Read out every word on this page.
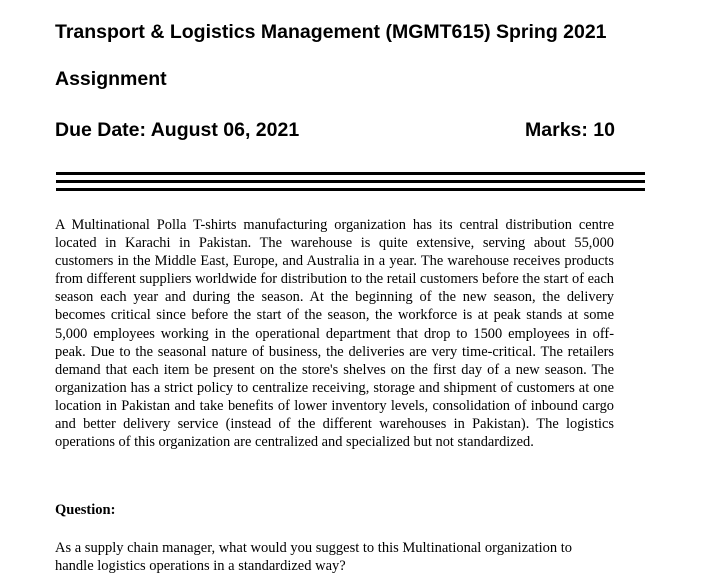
Transport & Logistics Management (MGMT615) Spring 2021
Assignment
Due Date: August 06, 2021	Marks: 10

A Multinational Polla T-shirts manufacturing organization has its central distribution centre located in Karachi in Pakistan. The warehouse is quite extensive, serving about 55,000 customers in the Middle East, Europe, and Australia in a year. The warehouse receives products from different suppliers worldwide for distribution to the retail customers before the start of each season each year and during the season. At the beginning of the new season, the delivery becomes critical since before the start of the season, the workforce is at peak stands at some 5,000 employees working in the operational department that drop to 1500 employees in off-peak. Due to the seasonal nature of business, the deliveries are very time-critical. The retailers demand that each item be present on the store's shelves on the first day of a new season. The organization has a strict policy to centralize receiving, storage and shipment of customers at one location in Pakistan and take benefits of lower inventory levels, consolidation of inbound cargo and better delivery service (instead of the different warehouses in Pakistan). The logistics operations of this organization are centralized and specialized but not standardized.

Question:

As a supply chain manager, what would you suggest to this Multinational organization to handle logistics operations in a standardized way?
